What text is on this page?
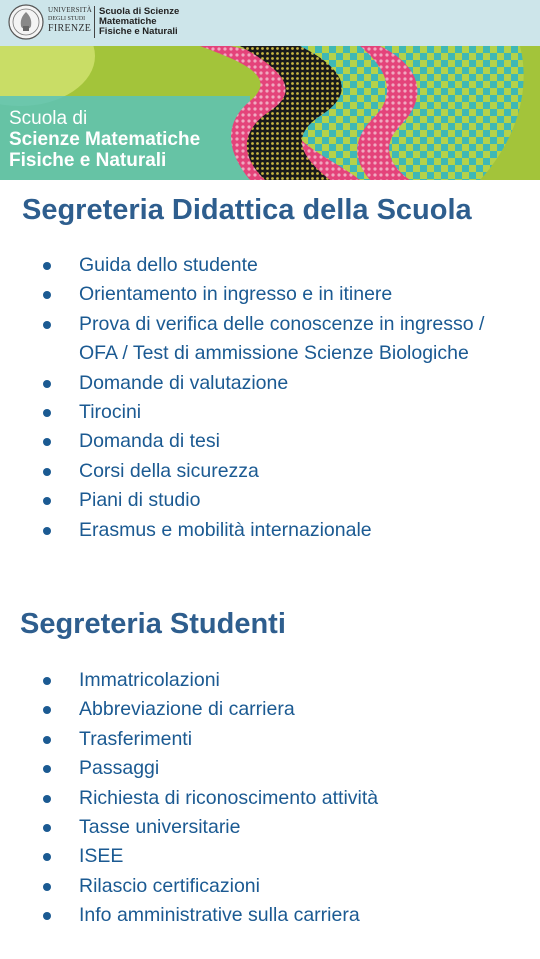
UNIVERSITÀ
DEGLI STUDI
FIRENZE
Scuola di Scienze
Matematiche
Fisiche e Naturali
Scuola di
Scienze Matematiche
Fisiche e Naturali
Segreteria Didattica della Scuola
Guida dello studente
Orientamento in ingresso e in itinere
Prova di verifica delle conoscenze in ingresso / OFA / Test di ammissione Scienze Biologiche
Domande di valutazione
Tirocini
Domanda di tesi
Corsi della sicurezza
Piani di studio
Erasmus e mobilità internazionale
Segreteria Studenti
Immatricolazioni
Abbreviazione di carriera
Trasferimenti
Passaggi
Richiesta di riconoscimento attività
Tasse universitarie
ISEE
Rilascio certificazioni
Info amministrative sulla carriera
